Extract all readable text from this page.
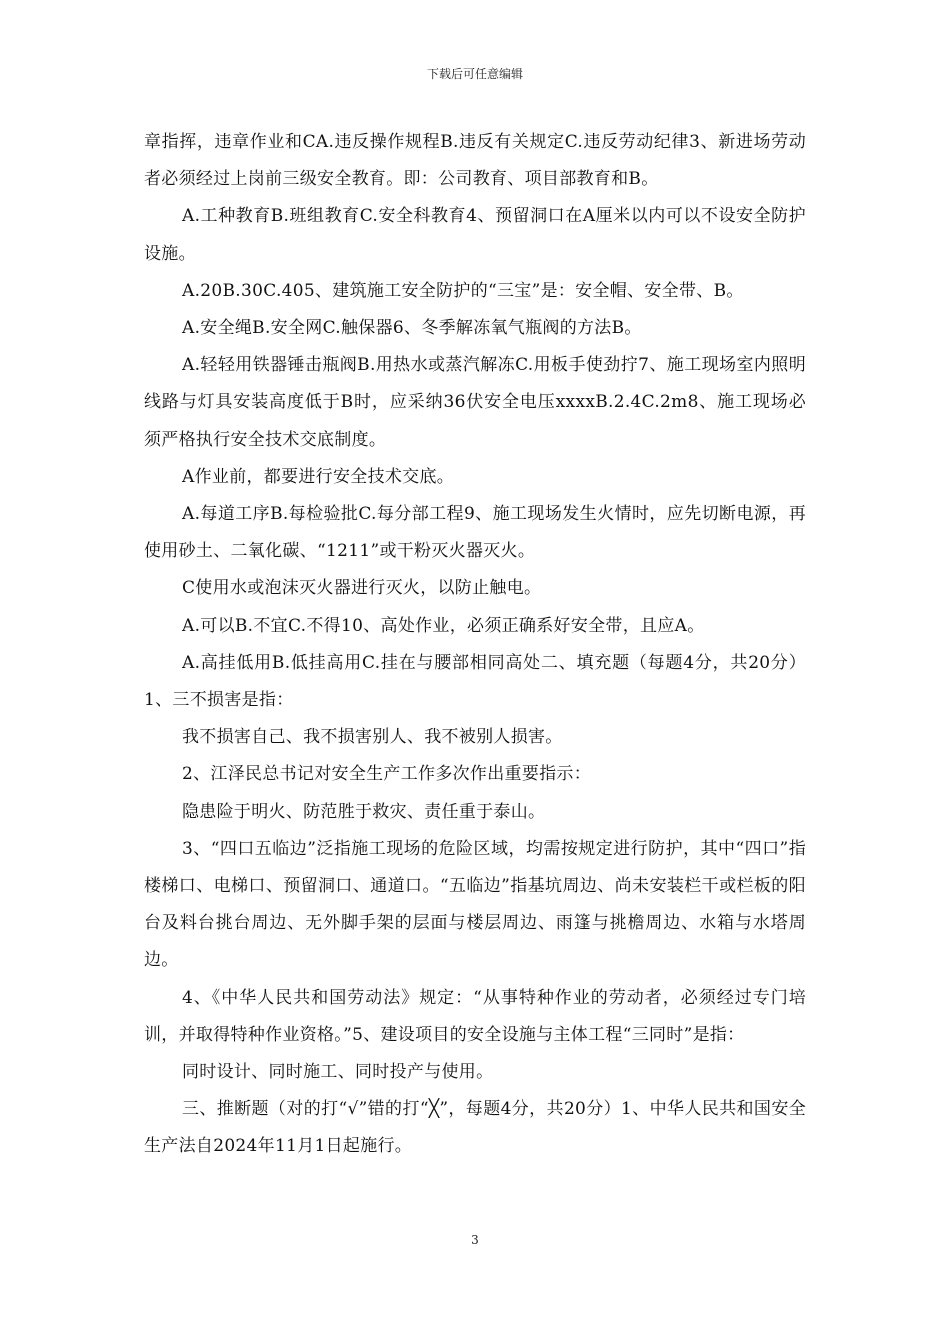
下载后可任意编辑

章指挥，违章作业和CA.违反操作规程B.违反有关规定C.违反劳动纪律3、新进场劳动者必须经过上岗前三级安全教育。即：公司教育、项目部教育和B。

A.工种教育B.班组教育C.安全科教育4、预留洞口在A厘米以内可以不设安全防护设施。

A.20B.30C.405、建筑施工安全防护的“三宝”是：安全帽、安全带、B。

A.安全绳B.安全网C.触保器6、冬季解冻氧气瓶阀的方法B。

A.轻轻用铁器锤击瓶阀B.用热水或蒸汽解冻C.用板手使劲拧7、施工现场室内照明线路与灯具安装高度低于B时，应采纳36伏安全电压xxxxB.2.4C.2m8、施工现场必须严格执行安全技术交底制度。

A作业前，都要进行安全技术交底。

A.每道工序B.每检验批C.每分部工程9、施工现场发生火情时，应先切断电源，再使用砂土、二氧化碳、“1211”或干粉灭火器灭火。

C使用水或泡沫灭火器进行灭火，以防止触电。

A.可以B.不宜C.不得10、高处作业，必须正确系好安全带，且应A。

A.高挂低用B.低挂高用C.挂在与腰部相同高处二、填充题（每题4分，共20分）1、三不损害是指：

我不损害自己、我不损害别人、我不被别人损害。

2、江泽民总书记对安全生产工作多次作出重要指示：

隐患险于明火、防范胜于救灾、责任重于泰山。

3、“四口五临边”泛指施工现场的危险区域，均需按规定进行防护，其中“四口”指楼梯口、电梯口、预留洞口、通道口。“五临边”指基坑周边、尚未安装栏干或栏板的阳台及料台挑台周边、无外脚手架的层面与楼层周边、雨篷与挑檐周边、水箱与水塔周边。

4、《中华人民共和国劳动法》规定：“从事特种作业的劳动者，必须经过专门培训，并取得特种作业资格。”5、建设项目的安全设施与主体工程“三同时”是指：

同时设计、同时施工、同时投产与使用。

三、推断题（对的打“√”错的打“╳”，每题4分，共20分）1、中华人民共和国安全生产法自2024年11月1日起施行。

3
